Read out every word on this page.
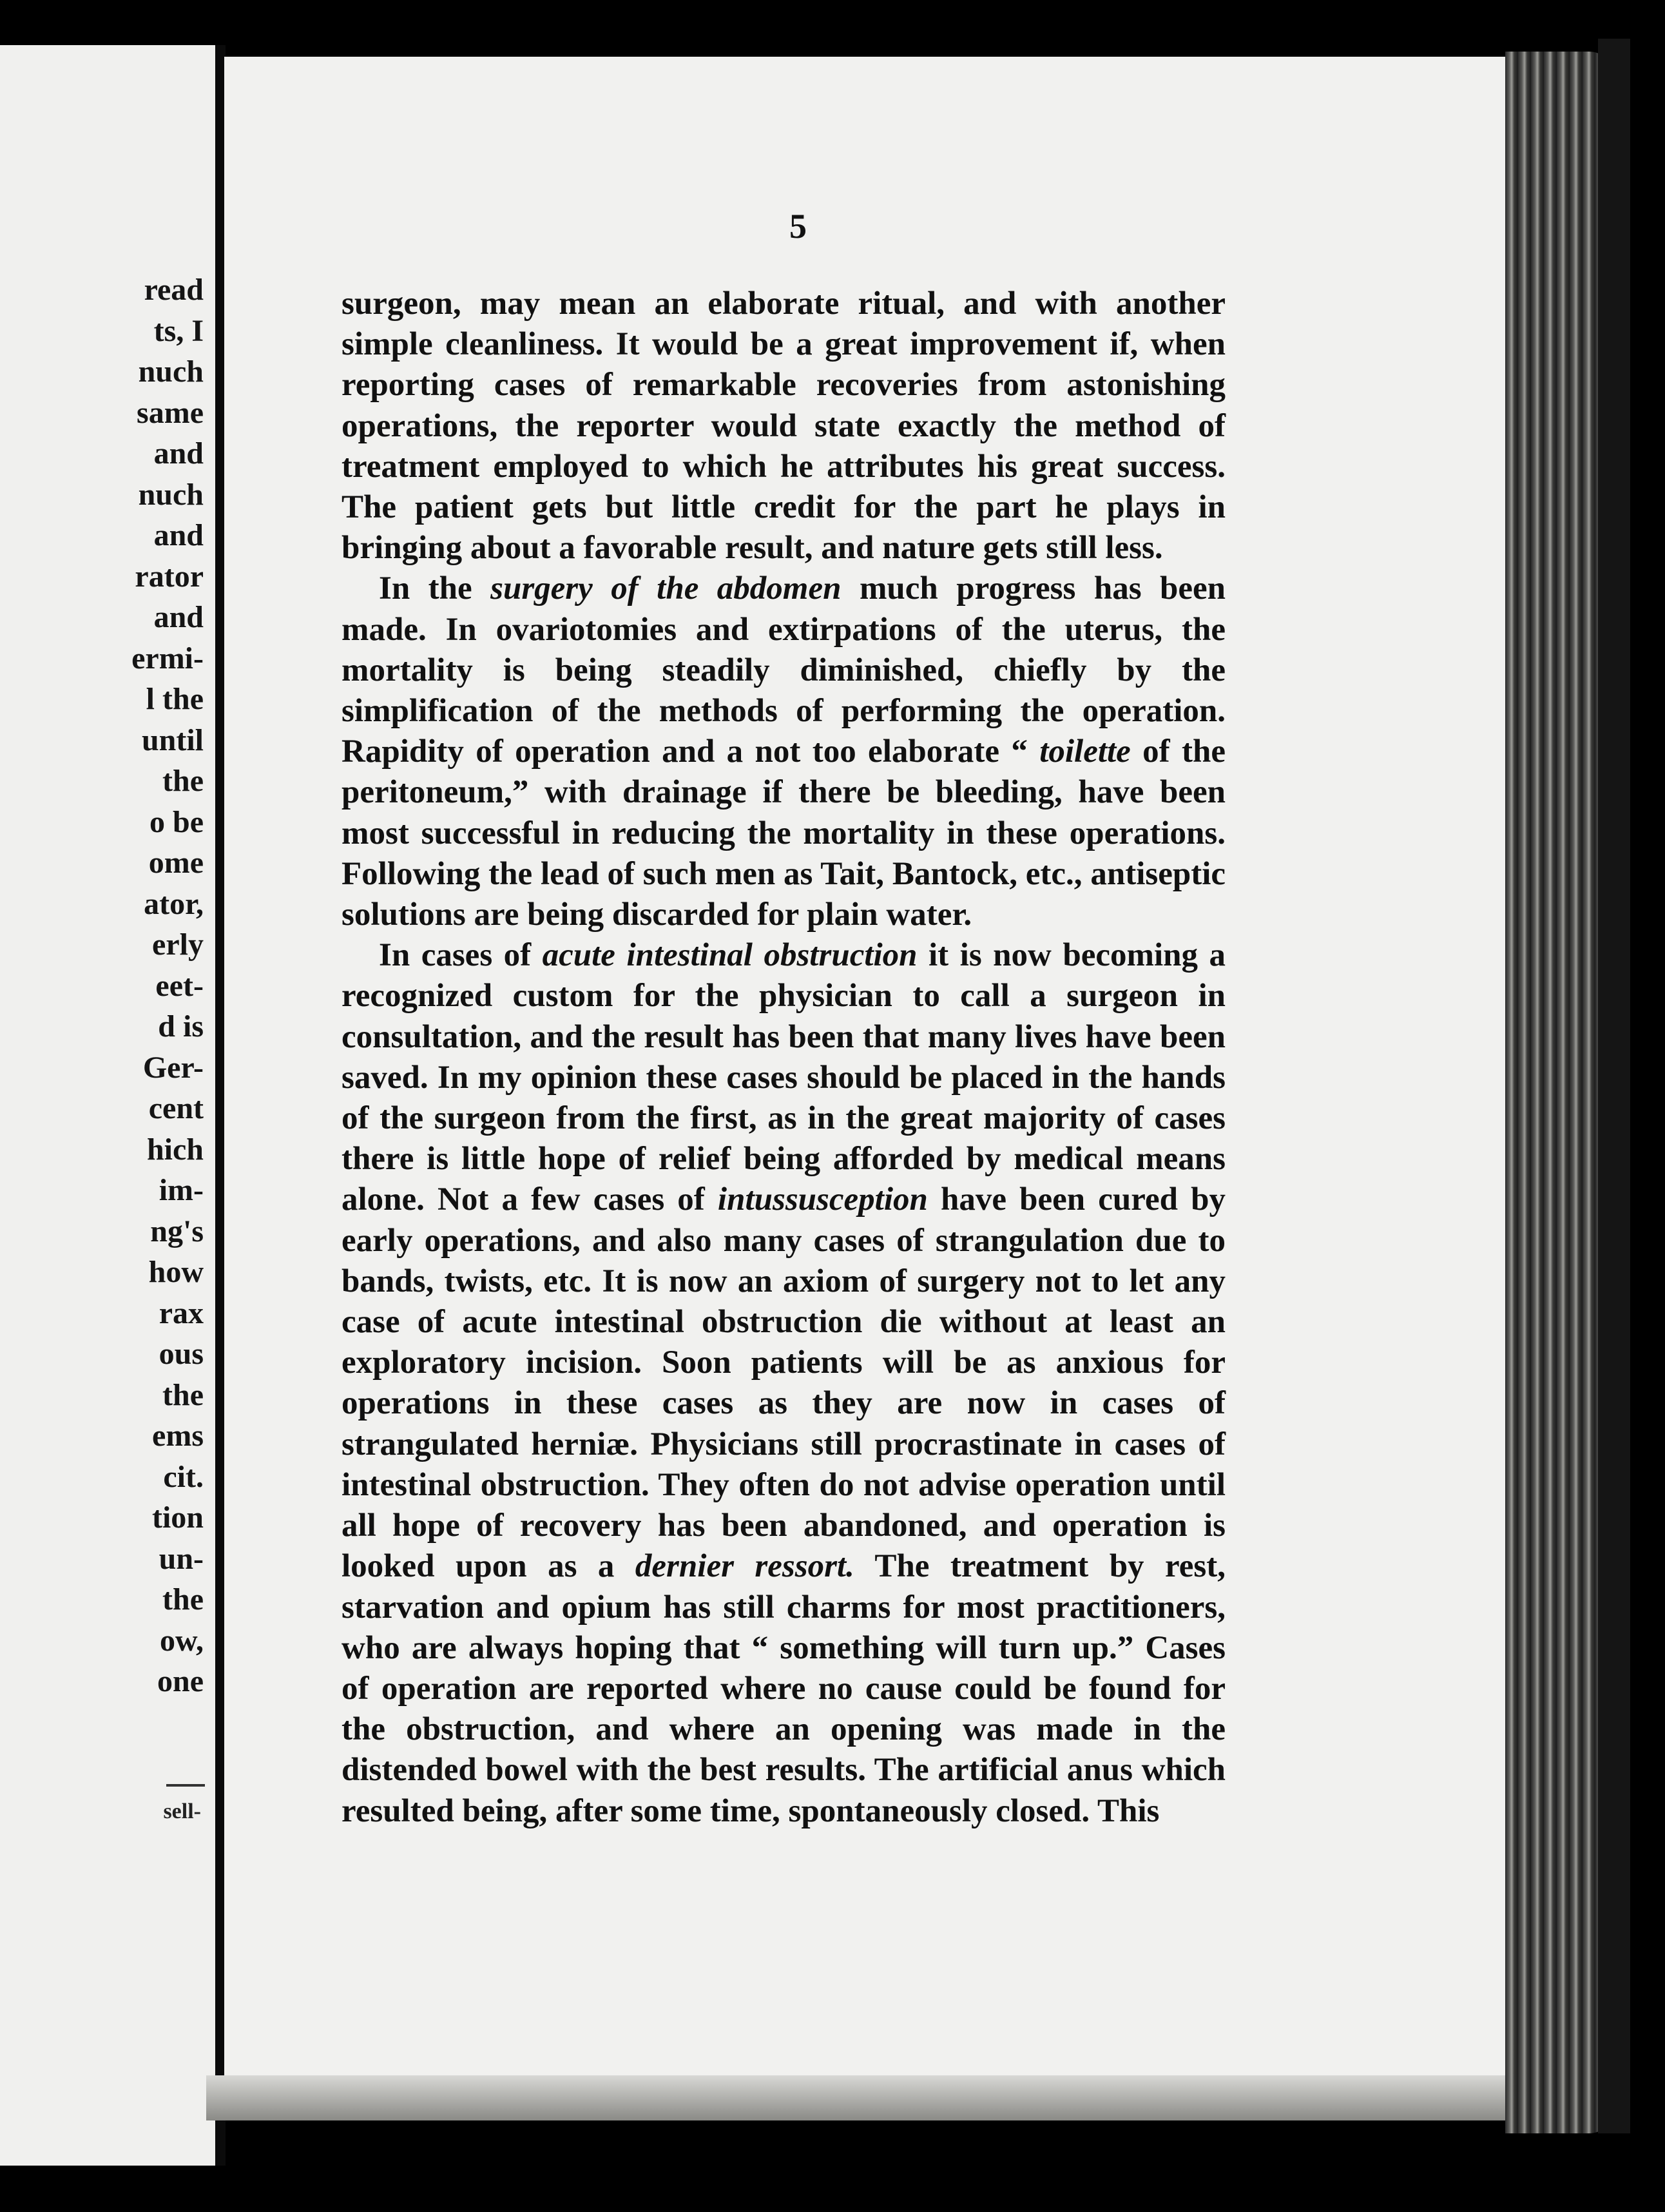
read
ts, I
nuch
same
and
nuch
and
rator
and
ermi-
l the
until
the
o be
ome
ator,
erly
eet-
d is
Ger-
cent
hich
im-
ng's
how
rax
ous
the
ems
cit.
tion
un-
the
ow,
one
sell-
5

surgeon, may mean an elaborate ritual, and with another simple cleanliness. It would be a great improvement if, when reporting cases of remarkable recoveries from astonishing operations, the reporter would state exactly the method of treatment employed to which he attributes his great success. The patient gets but little credit for the part he plays in bringing about a favorable result, and nature gets still less.

In the surgery of the abdomen much progress has been made. In ovariotomies and extirpations of the uterus, the mortality is being steadily diminished, chiefly by the simplification of the methods of performing the operation. Rapidity of operation and a not too elaborate “ toilette of the peritoneum,” with drainage if there be bleeding, have been most successful in reducing the mortality in these operations. Following the lead of such men as Tait, Bantock, etc., antiseptic solutions are being discarded for plain water.

In cases of acute intestinal obstruction it is now becoming a recognized custom for the physician to call a surgeon in consultation, and the result has been that many lives have been saved. In my opinion these cases should be placed in the hands of the surgeon from the first, as in the great majority of cases there is little hope of relief being afforded by medical means alone. Not a few cases of intussusception have been cured by early operations, and also many cases of strangulation due to bands, twists, etc. It is now an axiom of surgery not to let any case of acute intestinal obstruction die without at least an exploratory incision. Soon patients will be as anxious for operations in these cases as they are now in cases of strangulated herniæ. Physicians still procrastinate in cases of intestinal obstruction. They often do not advise operation until all hope of recovery has been abandoned, and operation is looked upon as a dernier ressort. The treatment by rest, starvation and opium has still charms for most practitioners, who are always hoping that “ something will turn up.” Cases of operation are reported where no cause could be found for the obstruction, and where an opening was made in the distended bowel with the best results. The artificial anus which resulted being, after some time, spontaneously closed. This
